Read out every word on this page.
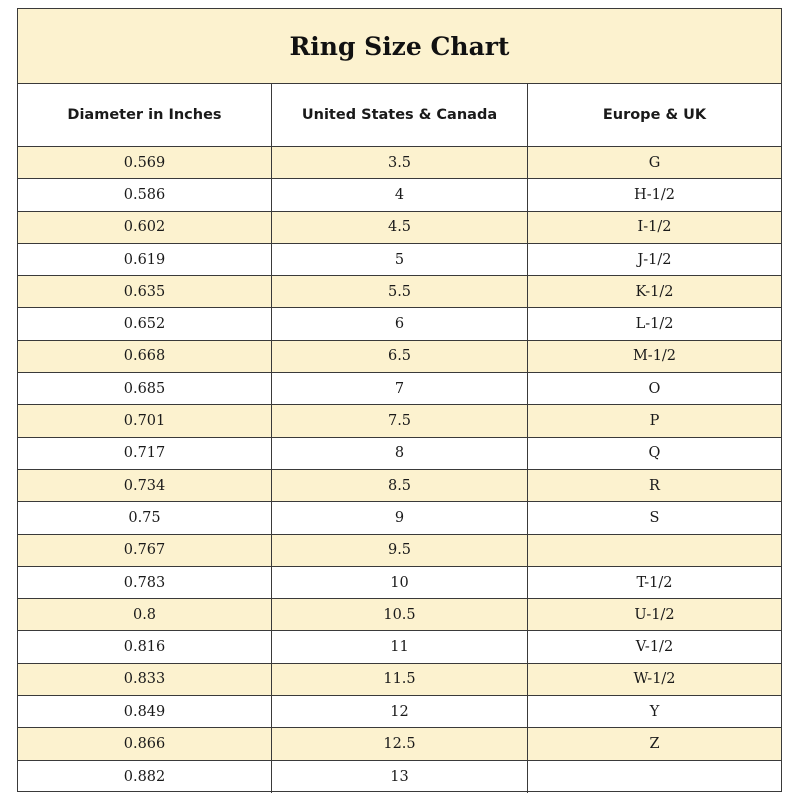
Ring Size Chart
Diameter in Inches	United States & Canada	Europe & UK
0.569	3.5	G
0.586	4	H-1/2
0.602	4.5	I-1/2
0.619	5	J-1/2
0.635	5.5	K-1/2
0.652	6	L-1/2
0.668	6.5	M-1/2
0.685	7	O
0.701	7.5	P
0.717	8	Q
0.734	8.5	R
0.75	9	S
0.767	9.5
0.783	10	T-1/2
0.8	10.5	U-1/2
0.816	11	V-1/2
0.833	11.5	W-1/2
0.849	12	Y
0.866	12.5	Z
0.882	13
